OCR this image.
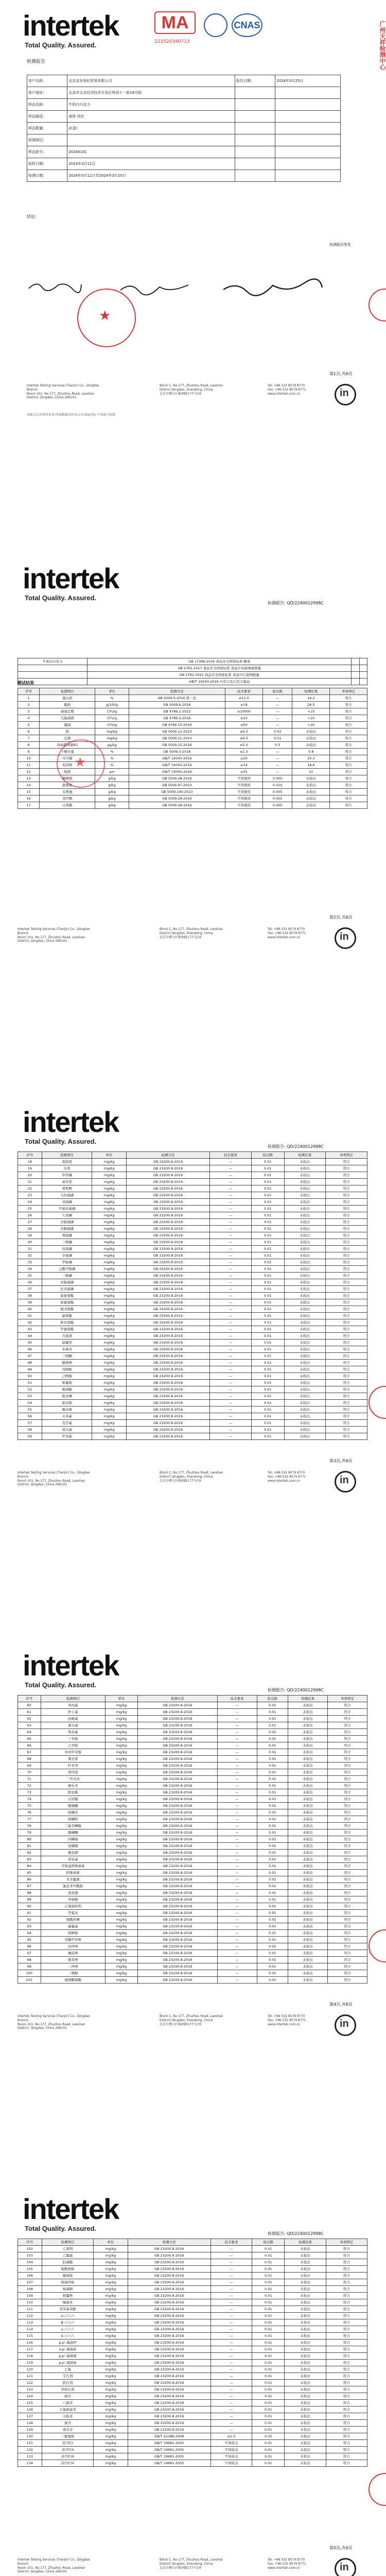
intertek
Total Quality. Assured.
MA
221520340713
CNAS	广州天祥检测中心
检测报告
客户名称:	北京京东世纪贸易有限公司	报告日期:	2024年3月25日
客户地址:	北京市北京经济技术开发区科创十一街18号院		
样品名称:	牛奶白巧克力		
样品描述:	液体 块状		
样品数量:	2(盒)		
检测项目:			
样品批号:	20240101		
收样日期:	2024年3月11日		
检测日期:	2024年3月11日至2024年3月25日		
结论:
检测报告签发
★
第1页,共6页
Intertek Testing Services (Tianjin) Co., Qingdao
Branch
Room 101, No.177, Zhuzhou Road, Laoshan
District, Qingdao, China 266101
Block C, No.177, Zhuzhou Road, Laoshan
District Qingdao, Shandong, China
北京市崂山区株洲路177号C座
Tel: +86 532 8579 8770
Fax: +86 532 8579 8771
www.intertek.com.cn	in
本报告仅对来样负责,所载数据未经本公司书面同意,不得部分复制
intertek
Total Quality. Assured.
检测报告: QD/2240012998C
测试结果
牛奶白巧克力	GB 17399-2016 食品安全国家标准 糖果		
	GB 2761-2017 食品安全国家标准 食品中真菌毒素限量		
	GB 2762-2022 食品安全国家标准 食品中污染物限量		
	GB/T 19343-2016 巧克力及巧克力制品		
序号	检测项目	单位	检测方法	技术要求	检出限	检测结果	单项判定
1	蛋白质	%	GB 5009.5-2016 第一法	≥11.0	—	14.2	符合
2	脂肪	g/100g	GB 5009.6-2016	≥18	—	26.5	符合
3	菌落总数	CFU/g	GB 4789.2-2022	≤10000	—	<10	符合
4	大肠菌群	CFU/g	GB 4789.3-2016	≤10	—	<10	符合
5	霉菌	CFU/g	GB 4789.15-2016	≤50	—	<10	符合
6	铅	mg/kg	GB 5009.12-2023	≤0.5	0.02	未检出	符合
7	总砷	mg/kg	GB 5009.11-2014	≤0.5	0.01	未检出	符合
8	黄曲霉毒素B1	μg/kg	GB 5009.22-2016	≤5.0	0.5	未检出	符合
9	干燥失重	%	GB 5009.3-2016	≤1.5	—	0.8	符合
10	可可脂	%	GB/T 19343-2016	≥20	—	25.3	符合
11	乳固体	%	GB/T 19343-2016	≥14	—	18.6	符合
12	细度	μm	GB/T 19343-2016	≤35	—	22	符合
13	糖精钠	g/kg	GB 5009.28-2016	不得使用	0.005	未检出	符合
14	甜蜜素	g/kg	GB 5009.97-2023	不得使用	0.010	未检出	符合
15	安赛蜜	g/kg	GB 5009.140-2023	不得使用	0.005	未检出	符合
16	苯甲酸	g/kg	GB 5009.28-2016	不得使用	0.005	未检出	符合
17	山梨酸	g/kg	GB 5009.28-2016	不得使用	0.005	未检出	符合
★
第2页,共6页
Intertek Testing Services (Tianjin) Co., Qingdao
Branch
Room 101, No.177, Zhuzhou Road, Laoshan
District, Qingdao, China 266101
Block C, No.177, Zhuzhou Road, Laoshan
District Qingdao, Shandong, China
北京市崂山区株洲路177号C座
Tel: +86 532 8579 8770
Fax: +86 532 8579 8771
www.intertek.com.cn	in
intertek
Total Quality. Assured.
检测报告: QD/2240012998C
序号	检测项目	单位	检测方法	技术要求	检出限	检测结果	单项判定
18	敌敌畏	mg/kg	GB 23200.8-2016	—	0.01	未检出	符合
19	乐果	mg/kg	GB 23200.8-2016	—	0.01	未检出	符合
20	甲拌磷	mg/kg	GB 23200.8-2016	—	0.01	未检出	符合
21	氧乐果	mg/kg	GB 23200.8-2016	—	0.01	未检出	符合
22	毒死蜱	mg/kg	GB 23200.8-2016	—	0.01	未检出	符合
23	马拉硫磷	mg/kg	GB 23200.8-2016	—	0.01	未检出	符合
24	对硫磷	mg/kg	GB 23200.8-2016	—	0.01	未检出	符合
25	甲基对硫磷	mg/kg	GB 23200.8-2016	—	0.01	未检出	符合
26	久效磷	mg/kg	GB 23200.8-2016	—	0.01	未检出	符合
27	水胺硫磷	mg/kg	GB 23200.8-2016	—	0.01	未检出	符合
28	杀螟硫磷	mg/kg	GB 23200.8-2016	—	0.01	未检出	符合
29	喹硫磷	mg/kg	GB 23200.8-2016	—	0.01	未检出	符合
30	三唑磷	mg/kg	GB 23200.8-2016	—	0.01	未检出	符合
31	丙溴磷	mg/kg	GB 23200.8-2016	—	0.01	未检出	符合
32	辛硫磷	mg/kg	GB 23200.8-2016	—	0.01	未检出	符合
33	甲胺磷	mg/kg	GB 23200.8-2016	—	0.01	未检出	符合
34	乙酰甲胺磷	mg/kg	GB 23200.8-2016	—	0.01	未检出	符合
35	二嗪磷	mg/kg	GB 23200.8-2016	—	0.01	未检出	符合
36	亚胺硫磷	mg/kg	GB 23200.8-2016	—	0.01	未检出	符合
37	伏杀硫磷	mg/kg	GB 23200.8-2016	—	0.01	未检出	符合
38	氯氰菊酯	mg/kg	GB 23200.8-2016	—	0.01	未检出	符合
39	溴氰菊酯	mg/kg	GB 23200.8-2016	—	0.01	未检出	符合
40	氰戊菊酯	mg/kg	GB 23200.8-2016	—	0.01	未检出	符合
41	氯菊酯	mg/kg	GB 23200.8-2016	—	0.01	未检出	符合
42	联苯菊酯	mg/kg	GB 23200.8-2016	—	0.01	未检出	符合
43	甲氰菊酯	mg/kg	GB 23200.8-2016	—	0.01	未检出	符合
44	百菌清	mg/kg	GB 23200.8-2016	—	0.01	未检出	符合
45	腐霉利	mg/kg	GB 23200.8-2016	—	0.01	未检出	符合
46	多菌灵	mg/kg	GB 23200.8-2016	—	0.01	未检出	符合
47	三唑酮	mg/kg	GB 23200.8-2016	—	0.01	未检出	符合
48	腈菌唑	mg/kg	GB 23200.8-2016	—	0.01	未检出	符合
49	戊唑醇	mg/kg	GB 23200.8-2016	—	0.01	未检出	符合
50	己唑醇	mg/kg	GB 23200.8-2016	—	0.01	未检出	符合
51	嘧霉胺	mg/kg	GB 23200.8-2016	—	0.01	未检出	符合
52	嘧菌酯	mg/kg	GB 23200.8-2016	—	0.01	未检出	符合
53	吡虫啉	mg/kg	GB 23200.8-2016	—	0.01	未检出	符合
54	啶虫脒	mg/kg	GB 23200.8-2016	—	0.01	未检出	符合
55	噻虫嗪	mg/kg	GB 23200.8-2016	—	0.01	未检出	符合
56	灭多威	mg/kg	GB 23200.8-2016	—	0.01	未检出	符合
57	克百威	mg/kg	GB 23200.8-2016	—	0.01	未检出	符合
58	涕灭威	mg/kg	GB 23200.8-2016	—	0.01	未检出	符合
59	甲萘威	mg/kg	GB 23200.8-2016	—	0.01	未检出	符合
第3页,共6页
Intertek Testing Services (Tianjin) Co., Qingdao
Branch
Room 101, No.177, Zhuzhou Road, Laoshan
District, Qingdao, China 266101
Block C, No.177, Zhuzhou Road, Laoshan
District Qingdao, Shandong, China
北京市崂山区株洲路177号C座
Tel: +86 532 8579 8770
Fax: +86 532 8579 8771
www.intertek.com.cn	in
intertek
Total Quality. Assured.
检测报告: QD/2240012998C
序号	检测项目	单位	检测方法	技术要求	检出限	检测结果	单项判定
60	异丙威	mg/kg	GB 23200.8-2016	—	0.01	未检出	符合
61	仲丁威	mg/kg	GB 23200.8-2016	—	0.01	未检出	符合
62	抗蚜威	mg/kg	GB 23200.8-2016	—	0.01	未检出	符合
63	速灭威	mg/kg	GB 23200.8-2016	—	0.01	未检出	符合
64	残杀威	mg/kg	GB 23200.8-2016	—	0.01	未检出	符合
65	丁草胺	mg/kg	GB 23200.8-2016	—	0.01	未检出	符合
66	乙草胺	mg/kg	GB 23200.8-2016	—	0.01	未检出	符合
67	异丙甲草胺	mg/kg	GB 23200.8-2016	—	0.01	未检出	符合
68	莠去津	mg/kg	GB 23200.8-2016	—	0.01	未检出	符合
69	扑草净	mg/kg	GB 23200.8-2016	—	0.01	未检出	符合
70	西玛津	mg/kg	GB 23200.8-2016	—	0.01	未检出	符合
71	二甲戊灵	mg/kg	GB 23200.8-2016	—	0.01	未检出	符合
72	氟乐灵	mg/kg	GB 23200.8-2016	—	0.01	未检出	符合
73	除虫脲	mg/kg	GB 23200.8-2016	—	0.01	未检出	符合
74	灭幼脲	mg/kg	GB 23200.8-2016	—	0.01	未检出	符合
75	噻嗪酮	mg/kg	GB 23200.8-2016	—	0.01	未检出	符合
76	哒螨灵	mg/kg	GB 23200.8-2016	—	0.01	未检出	符合
77	炔螨特	mg/kg	GB 23200.8-2016	—	0.01	未检出	符合
78	三氯杀螨醇	mg/kg	GB 23200.8-2016	—	0.01	未检出	符合
79	噻螨酮	mg/kg	GB 23200.8-2016	—	0.01	未检出	符合
80	四螨嗪	mg/kg	GB 23200.8-2016	—	0.01	未检出	符合
81	虫螨腈	mg/kg	GB 23200.8-2016	—	0.01	未检出	符合
82	氟虫腈	mg/kg	GB 23200.8-2016	—	0.01	未检出	符合
83	茚虫威	mg/kg	GB 23200.8-2016	—	0.01	未检出	符合
84	甲氨基阿维菌素	mg/kg	GB 23200.8-2016	—	0.01	未检出	符合
85	阿维菌素	mg/kg	GB 23200.8-2016	—	0.01	未检出	符合
86	多杀霉素	mg/kg	GB 23200.8-2016	—	0.01	未检出	符合
87	氯虫苯甲酰胺	mg/kg	GB 23200.8-2016	—	0.01	未检出	符合
88	溴虫腈	mg/kg	GB 23200.8-2016	—	0.01	未检出	符合
89	异菌脲	mg/kg	GB 23200.8-2016	—	0.01	未检出	符合
90	乙烯菌核利	mg/kg	GB 23200.8-2016	—	0.01	未检出	符合
91	甲霜灵	mg/kg	GB 23200.8-2016	—	0.01	未检出	符合
92	烯酰吗啉	mg/kg	GB 23200.8-2016	—	0.01	未检出	符合
93	霜霉威	mg/kg	GB 23200.8-2016	—	0.01	未检出	符合
94	咪鲜胺	mg/kg	GB 23200.8-2016	—	0.01	未检出	符合
95	苯醚甲环唑	mg/kg	GB 23200.8-2016	—	0.01	未检出	符合
96	丙环唑	mg/kg	GB 23200.8-2016	—	0.01	未检出	符合
97	氟硅唑	mg/kg	GB 23200.8-2016	—	0.01	未检出	符合
98	腈苯唑	mg/kg	GB 23200.8-2016	—	0.01	未检出	符合
99	三环唑	mg/kg	GB 23200.8-2016	—	0.01	未检出	符合
100	三唑醇	mg/kg	GB 23200.8-2016	—	0.01	未检出	符合
101	吡唑醚菌酯	mg/kg	GB 23200.8-2016	—	0.01	未检出	符合
第4页,共6页
Intertek Testing Services (Tianjin) Co., Qingdao
Branch
Room 101, No.177, Zhuzhou Road, Laoshan
District, Qingdao, China 266101
Block C, No.177, Zhuzhou Road, Laoshan
District Qingdao, Shandong, China
北京市崂山区株洲路177号C座
Tel: +86 532 8579 8770
Fax: +86 532 8579 8771
www.intertek.com.cn	in
intertek
Total Quality. Assured.
检测报告: QD/2240012998C
序号	检测项目	单位	检测方法	技术要求	检出限	检测结果	单项判定
102	乙烯利	mg/kg	GB 23200.8-2016	—	0.01	未检出	符合
103	乙霉威	mg/kg	GB 23200.8-2016	—	0.01	未检出	符合
104	肟菌酯	mg/kg	GB 23200.8-2016	—	0.01	未检出	符合
105	啶酰菌胺	mg/kg	GB 23200.8-2016	—	0.01	未检出	符合
106	氟啶胺	mg/kg	GB 23200.8-2016	—	0.01	未检出	符合
107	嘧菌环胺	mg/kg	GB 23200.8-2016	—	0.01	未检出	符合
108	咯菌腈	mg/kg	GB 23200.8-2016	—	0.01	未检出	符合
109	抑霉唑	mg/kg	GB 23200.8-2016	—	0.01	未检出	符合
110	噻菌灵	mg/kg	GB 23200.8-2016	—	0.01	未检出	符合
111	邻苯基苯酚	mg/kg	GB 23200.8-2016	—	0.01	未检出	符合
112	α-六六六	mg/kg	GB 23200.8-2016	—	0.01	未检出	符合
113	β-六六六	mg/kg	GB 23200.8-2016	—	0.01	未检出	符合
114	γ-六六六	mg/kg	GB 23200.8-2016	—	0.01	未检出	符合
115	δ-六六六	mg/kg	GB 23200.8-2016	—	0.01	未检出	符合
116	p,p'-滴滴伊	mg/kg	GB 23200.8-2016	—	0.01	未检出	符合
117	o,p'-滴滴涕	mg/kg	GB 23200.8-2016	—	0.01	未检出	符合
118	p,p'-滴滴滴	mg/kg	GB 23200.8-2016	—	0.01	未检出	符合
119	p,p'-滴滴涕	mg/kg	GB 23200.8-2016	—	0.01	未检出	符合
120	七氯	mg/kg	GB 23200.8-2016	—	0.01	未检出	符合
121	艾氏剂	mg/kg	GB 23200.8-2016	—	0.01	未检出	符合
122	狄氏剂	mg/kg	GB 23200.8-2016	—	0.01	未检出	符合
123	异狄氏剂	mg/kg	GB 23200.8-2016	—	0.01	未检出	符合
124	硫丹	mg/kg	GB 23200.8-2016	—	0.01	未检出	符合
125	六氯苯	mg/kg	GB 23200.8-2016	—	0.01	未检出	符合
126	五氯硝基苯	mg/kg	GB 23200.8-2016	—	0.01	未检出	符合
127	灭蚁灵	mg/kg	GB 23200.8-2016	—	0.01	未检出	符合
128	氯丹	mg/kg	GB 23200.8-2016	—	0.01	未检出	符合
129	毒杀芬	mg/kg	GB 23200.8-2016	—	0.01	未检出	符合
130	三聚氰胺	mg/kg	GB/T 22388-2008	≤2.5	0.05	未检出	符合
131	苏丹红I	mg/kg	GB/T 19681-2005	不得检出	0.01	未检出	符合
132	苏丹红II	mg/kg	GB/T 19681-2005	不得检出	0.01	未检出	符合
133	苏丹红III	mg/kg	GB/T 19681-2005	不得检出	0.01	未检出	符合
134	苏丹红IV	mg/kg	GB/T 19681-2005	不得检出	0.01	未检出	符合
第5页,共6页
Intertek Testing Services (Tianjin) Co., Qingdao
Branch
Room 101, No.177, Zhuzhou Road, Laoshan
District, Qingdao, China 266101
Block C, No.177, Zhuzhou Road, Laoshan
District Qingdao, Shandong, China
北京市崂山区株洲路177号C座
Tel: +86 532 8579 8770
Fax: +86 532 8579 8771
www.intertek.com.cn	in
